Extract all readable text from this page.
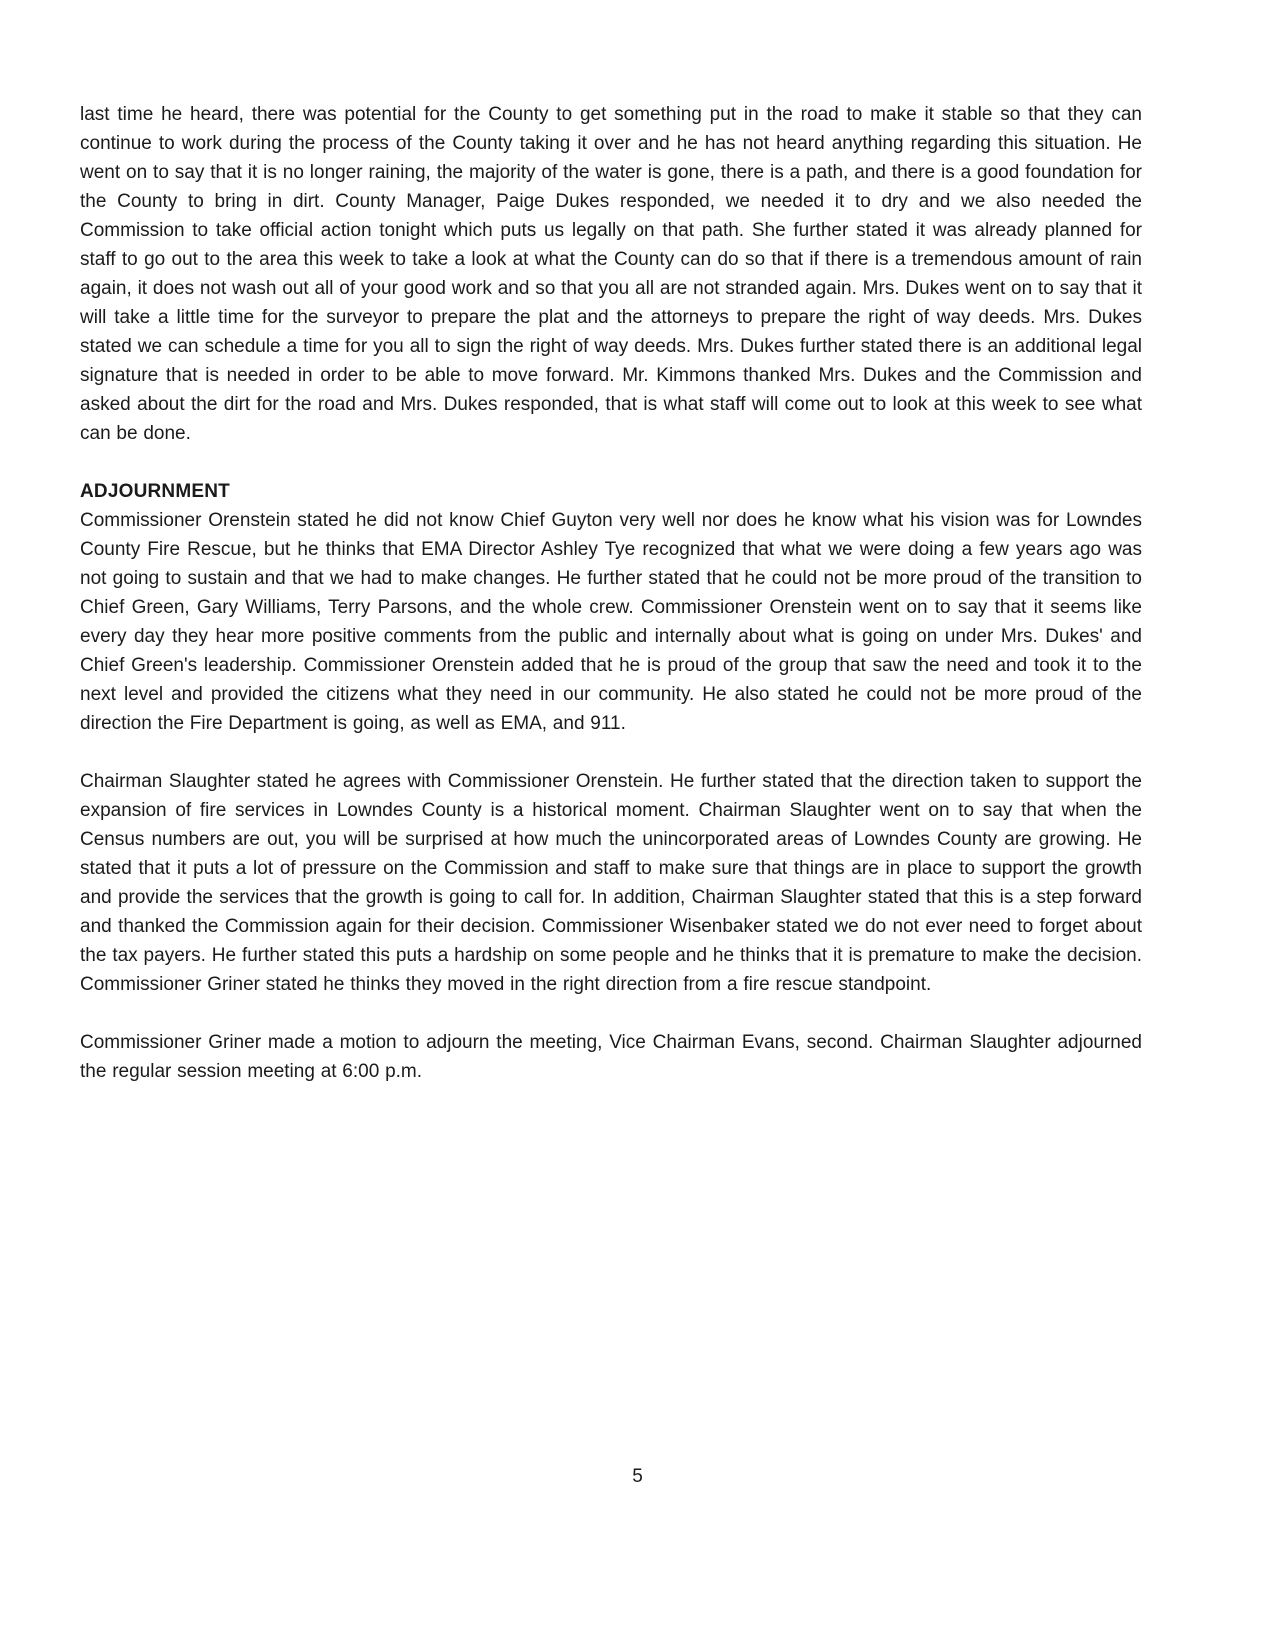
last time he heard, there was potential for the County to get something put in the road to make it stable so that they can continue to work during the process of the County taking it over and he has not heard anything regarding this situation. He went on to say that it is no longer raining, the majority of the water is gone, there is a path, and there is a good foundation for the County to bring in dirt. County Manager, Paige Dukes responded, we needed it to dry and we also needed the Commission to take official action tonight which puts us legally on that path. She further stated it was already planned for staff to go out to the area this week to take a look at what the County can do so that if there is a tremendous amount of rain again, it does not wash out all of your good work and so that you all are not stranded again. Mrs. Dukes went on to say that it will take a little time for the surveyor to prepare the plat and the attorneys to prepare the right of way deeds. Mrs. Dukes stated we can schedule a time for you all to sign the right of way deeds. Mrs. Dukes further stated there is an additional legal signature that is needed in order to be able to move forward. Mr. Kimmons thanked Mrs. Dukes and the Commission and asked about the dirt for the road and Mrs. Dukes responded, that is what staff will come out to look at this week to see what can be done.

ADJOURNMENT

Commissioner Orenstein stated he did not know Chief Guyton very well nor does he know what his vision was for Lowndes County Fire Rescue, but he thinks that EMA Director Ashley Tye recognized that what we were doing a few years ago was not going to sustain and that we had to make changes. He further stated that he could not be more proud of the transition to Chief Green, Gary Williams, Terry Parsons, and the whole crew. Commissioner Orenstein went on to say that it seems like every day they hear more positive comments from the public and internally about what is going on under Mrs. Dukes' and Chief Green's leadership. Commissioner Orenstein added that he is proud of the group that saw the need and took it to the next level and provided the citizens what they need in our community. He also stated he could not be more proud of the direction the Fire Department is going, as well as EMA, and 911.

Chairman Slaughter stated he agrees with Commissioner Orenstein. He further stated that the direction taken to support the expansion of fire services in Lowndes County is a historical moment. Chairman Slaughter went on to say that when the Census numbers are out, you will be surprised at how much the unincorporated areas of Lowndes County are growing. He stated that it puts a lot of pressure on the Commission and staff to make sure that things are in place to support the growth and provide the services that the growth is going to call for. In addition, Chairman Slaughter stated that this is a step forward and thanked the Commission again for their decision. Commissioner Wisenbaker stated we do not ever need to forget about the tax payers. He further stated this puts a hardship on some people and he thinks that it is premature to make the decision. Commissioner Griner stated he thinks they moved in the right direction from a fire rescue standpoint.

Commissioner Griner made a motion to adjourn the meeting, Vice Chairman Evans, second. Chairman Slaughter adjourned the regular session meeting at 6:00 p.m.

5
